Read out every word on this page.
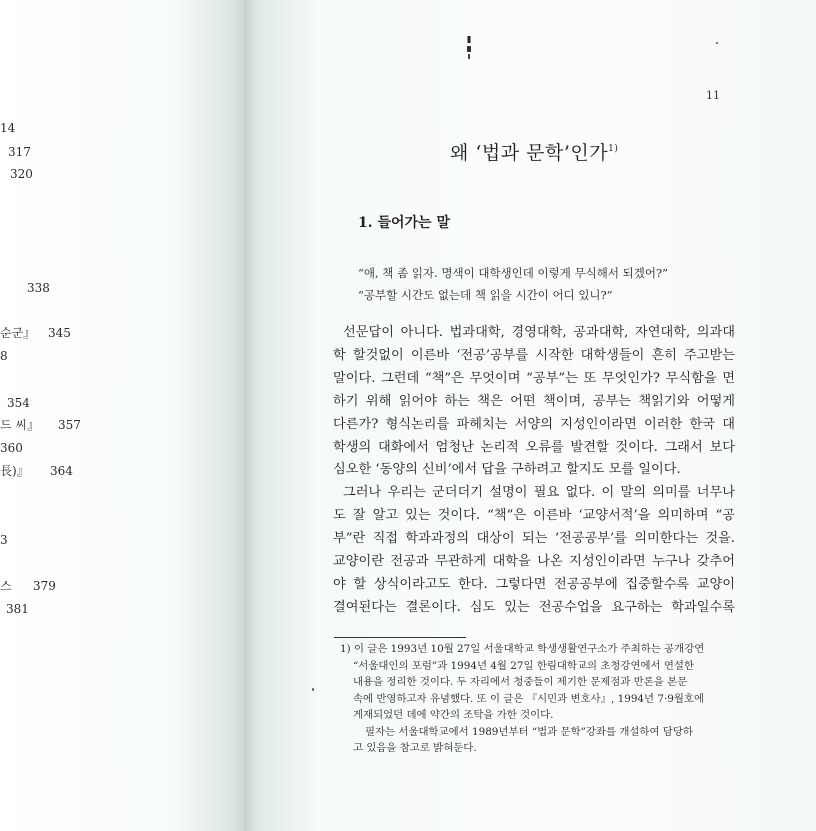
14
317
320
338
순군』 345
8
354
드 씨』 357
360
長)』 364
3
스 379
381
11
왜 ‘법과 문학’인가$^{1)}$
1. 들어가는 말
“애, 책 좀 읽자. 명색이 대학생인데 이렇게 무식해서 되겠어?”
“공부할 시간도 없는데 책 읽을 시간이 어디 있니?”
선문답이 아니다. 법과대학, 경영대학, 공과대학, 자연대학, 의과대
학 할것없이 이른바 ‘전공’공부를 시작한 대학생들이 흔히 주고받는
말이다. 그런데 “책”은 무엇이며 “공부”는 또 무엇인가? 무식함을 면
하기 위해 읽어야 하는 책은 어떤 책이며, 공부는 책읽기와 어떻게
다른가? 형식논리를 파헤치는 서양의 지성인이라면 이러한 한국 대
학생의 대화에서 엄청난 논리적 오류를 발견할 것이다. 그래서 보다
심오한 ‘동양의 신비’에서 답을 구하려고 할지도 모를 일이다.
그러나 우리는 군더더기 설명이 필요 없다. 이 말의 의미를 너무나
도 잘 알고 있는 것이다. “책”은 이른바 ‘교양서적’을 의미하며 “공
부”란 직접 학과과정의 대상이 되는 ‘전공공부’를 의미한다는 것을.
교양이란 전공과 무관하게 대학을 나온 지성인이라면 누구나 갖추어
야 할 상식이라고도 한다. 그렇다면 전공공부에 집중할수록 교양이
결여된다는 결론이다. 심도 있는 전공수업을 요구하는 학과일수록
1) 이 글은 1993년 10월 27일 서울대학교 학생생활연구소가 주최하는 공개강연
“서울대인의 포럼”과 1994년 4월 27일 한림대학교의 초청강연에서 연설한
내용을 정리한 것이다. 두 자리에서 청중들이 제기한 문제점과 반론을 본문
속에 반영하고자 유념했다. 또 이 글은 『시민과 변호사』, 1994년 7·9월호에
게재되었던 데에 약간의 조탁을 가한 것이다.
필자는 서울대학교에서 1989년부터 “법과 문학”강좌를 개설하여 담당하
고 있음을 참고로 밝혀둔다.
